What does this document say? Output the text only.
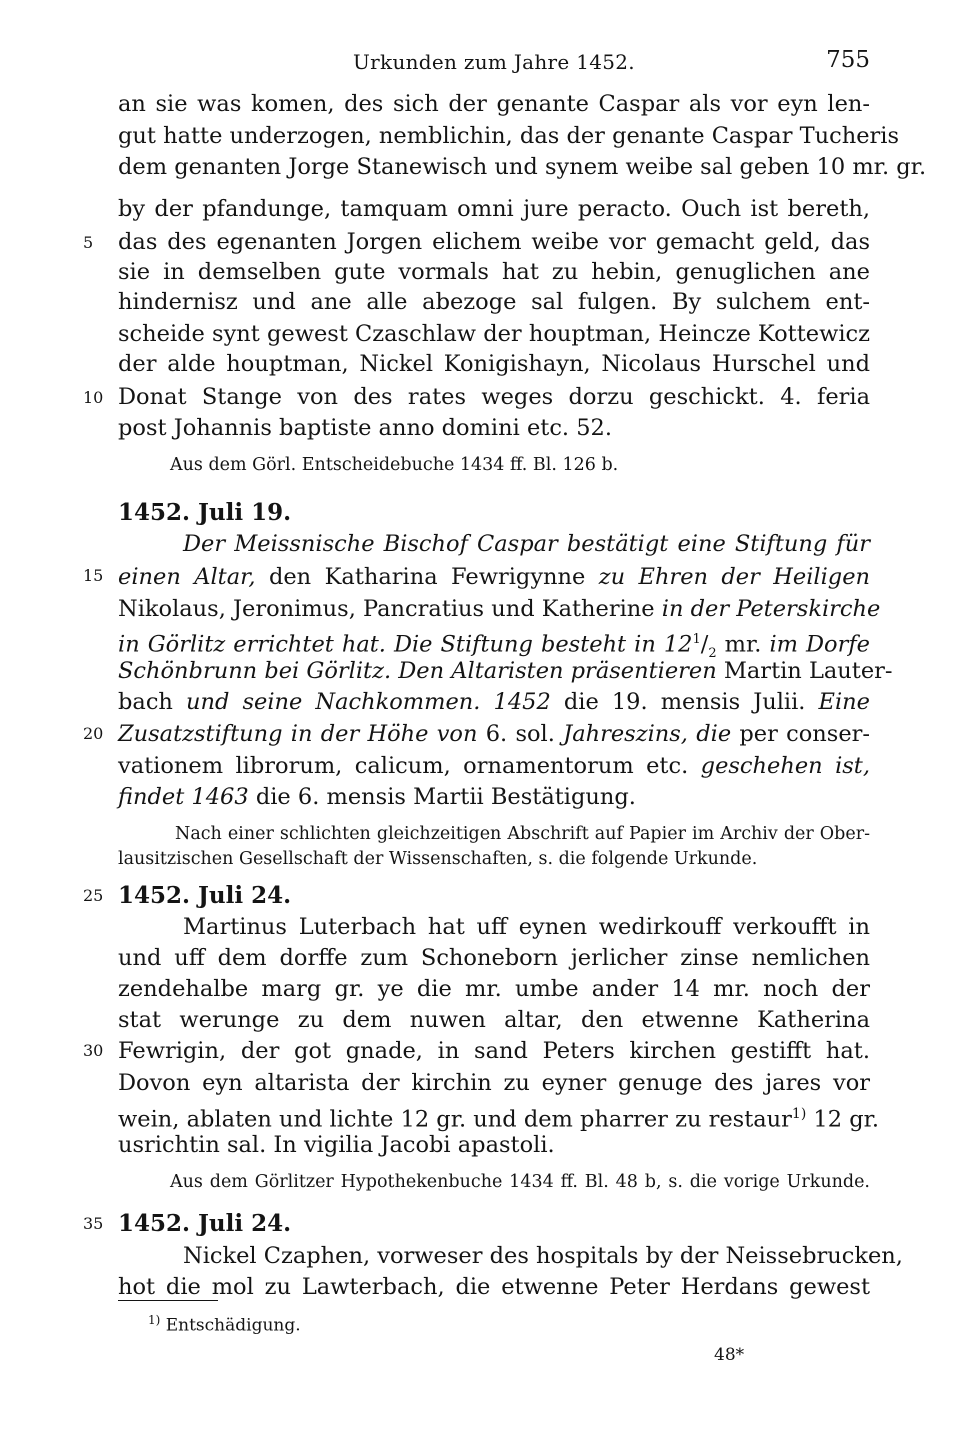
Urkunden zum Jahre 1452.	755
5
10
15
20
25
30
35
an sie was komen, des sich der genante Caspar als vor eyn len-
gut hatte underzogen, nemblichin, das der genante Caspar Tucheris
dem genanten Jorge Stanewisch und synem weibe sal geben 10 mr. gr.
by der pfandunge, tamquam omni jure peracto. Ouch ist bereth,
das des egenanten Jorgen elichem weibe vor gemacht geld, das
sie in demselben gute vormals hat zu hebin, genuglichen ane
hindernisz und ane alle abezoge sal fulgen. By sulchem ent-
scheide synt gewest Czaschlaw der houptman, Heincze Kottewicz
der alde houptman, Nickel Konigishayn, Nicolaus Hurschel und
Donat Stange von des rates weges dorzu geschickt. 4. feria
post Johannis baptiste anno domini etc. 52.
Aus dem Görl. Entscheidebuche 1434 ff. Bl. 126 b.
1452. Juli 19.
Der Meissnische Bischof Caspar bestätigt eine Stiftung für
einen Altar, den Katharina Fewrigynne zu Ehren der Heiligen
Nikolaus, Jeronimus, Pancratius und Katherine in der Peterskirche
in Görlitz errichtet hat. Die Stiftung besteht in $12^1/_2$ mr. im Dorfe
Schönbrunn bei Görlitz. Den Altaristen präsentieren Martin Lauter-
bach und seine Nachkommen. 1452 die 19. mensis Julii. Eine
Zusatzstiftung in der Höhe von 6. sol. Jahreszins, die per conser-
vationem librorum, calicum, ornamentorum etc. geschehen ist,
findet 1463 die 6. mensis Martii Bestätigung.
Nach einer schlichten gleichzeitigen Abschrift auf Papier im Archiv der Ober-
lausitzischen Gesellschaft der Wissenschaften, s. die folgende Urkunde.
1452. Juli 24.
Martinus Luterbach hat uff eynen wedirkouff verkoufft in
und uff dem dorffe zum Schoneborn jerlicher zinse nemlichen
zendehalbe marg gr. ye die mr. umbe ander 14 mr. noch der
stat werunge zu dem nuwen altar, den etwenne Katherina
Fewrigin, der got gnade, in sand Peters kirchen gestifft hat.
Dovon eyn altarista der kirchin zu eyner genuge des jares vor
wein, ablaten und lichte 12 gr. und dem pharrer zu restaur$^{1)}$ 12 gr.
usrichtin sal. In vigilia Jacobi apastoli.
Aus dem Görlitzer Hypothekenbuche 1434 ff. Bl. 48 b, s. die vorige Urkunde.
1452. Juli 24.
Nickel Czaphen, vorweser des hospitals by der Neissebrucken,
hot die mol zu Lawterbach, die etwenne Peter Herdans gewest
$^{1)}$ Entschädigung.
48*
